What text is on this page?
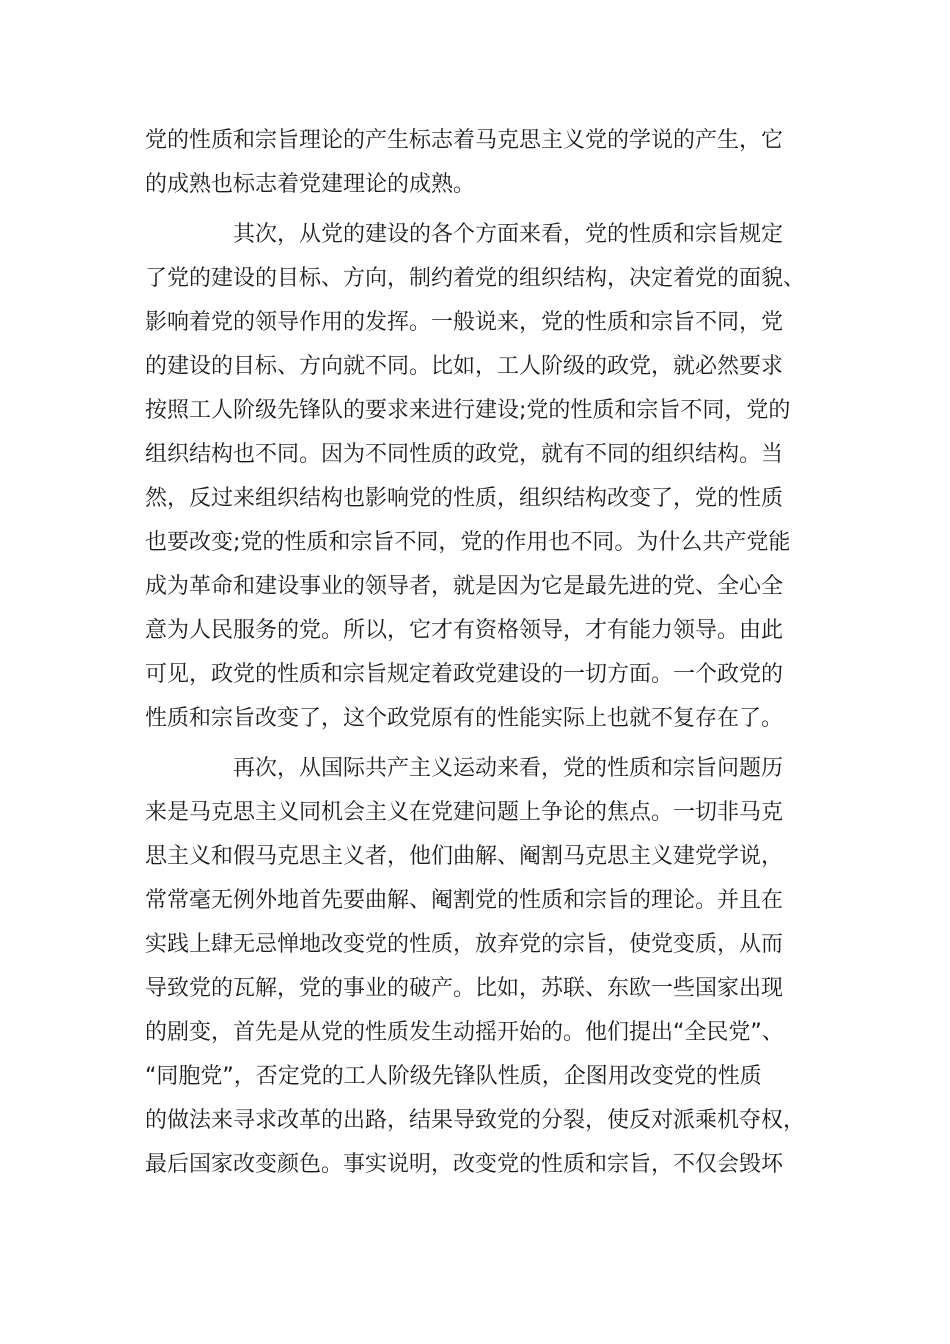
党的性质和宗旨理论的产生标志着马克思主义党的学说的产生，它
的成熟也标志着党建理论的成熟。
其次，从党的建设的各个方面来看，党的性质和宗旨规定
了党的建设的目标、方向，制约着党的组织结构，决定着党的面貌、
影响着党的领导作用的发挥。一般说来，党的性质和宗旨不同，党
的建设的目标、方向就不同。比如，工人阶级的政党，就必然要求
按照工人阶级先锋队的要求来进行建设;党的性质和宗旨不同，党的
组织结构也不同。因为不同性质的政党，就有不同的组织结构。当
然，反过来组织结构也影响党的性质，组织结构改变了，党的性质
也要改变;党的性质和宗旨不同，党的作用也不同。为什么共产党能
成为革命和建设事业的领导者，就是因为它是最先进的党、全心全
意为人民服务的党。所以，它才有资格领导，才有能力领导。由此
可见，政党的性质和宗旨规定着政党建设的一切方面。一个政党的
性质和宗旨改变了，这个政党原有的性能实际上也就不复存在了。
再次，从国际共产主义运动来看，党的性质和宗旨问题历
来是马克思主义同机会主义在党建问题上争论的焦点。一切非马克
思主义和假马克思主义者，他们曲解、阉割马克思主义建党学说，
常常毫无例外地首先要曲解、阉割党的性质和宗旨的理论。并且在
实践上肆无忌惮地改变党的性质，放弃党的宗旨，使党变质，从而
导致党的瓦解，党的事业的破产。比如，苏联、东欧一些国家出现
的剧变，首先是从党的性质发生动摇开始的。他们提出“全民党”、
“同胞党”，否定党的工人阶级先锋队性质，企图用改变党的性质
的做法来寻求改革的出路，结果导致党的分裂，使反对派乘机夺权，
最后国家改变颜色。事实说明，改变党的性质和宗旨，不仅会毁坏
